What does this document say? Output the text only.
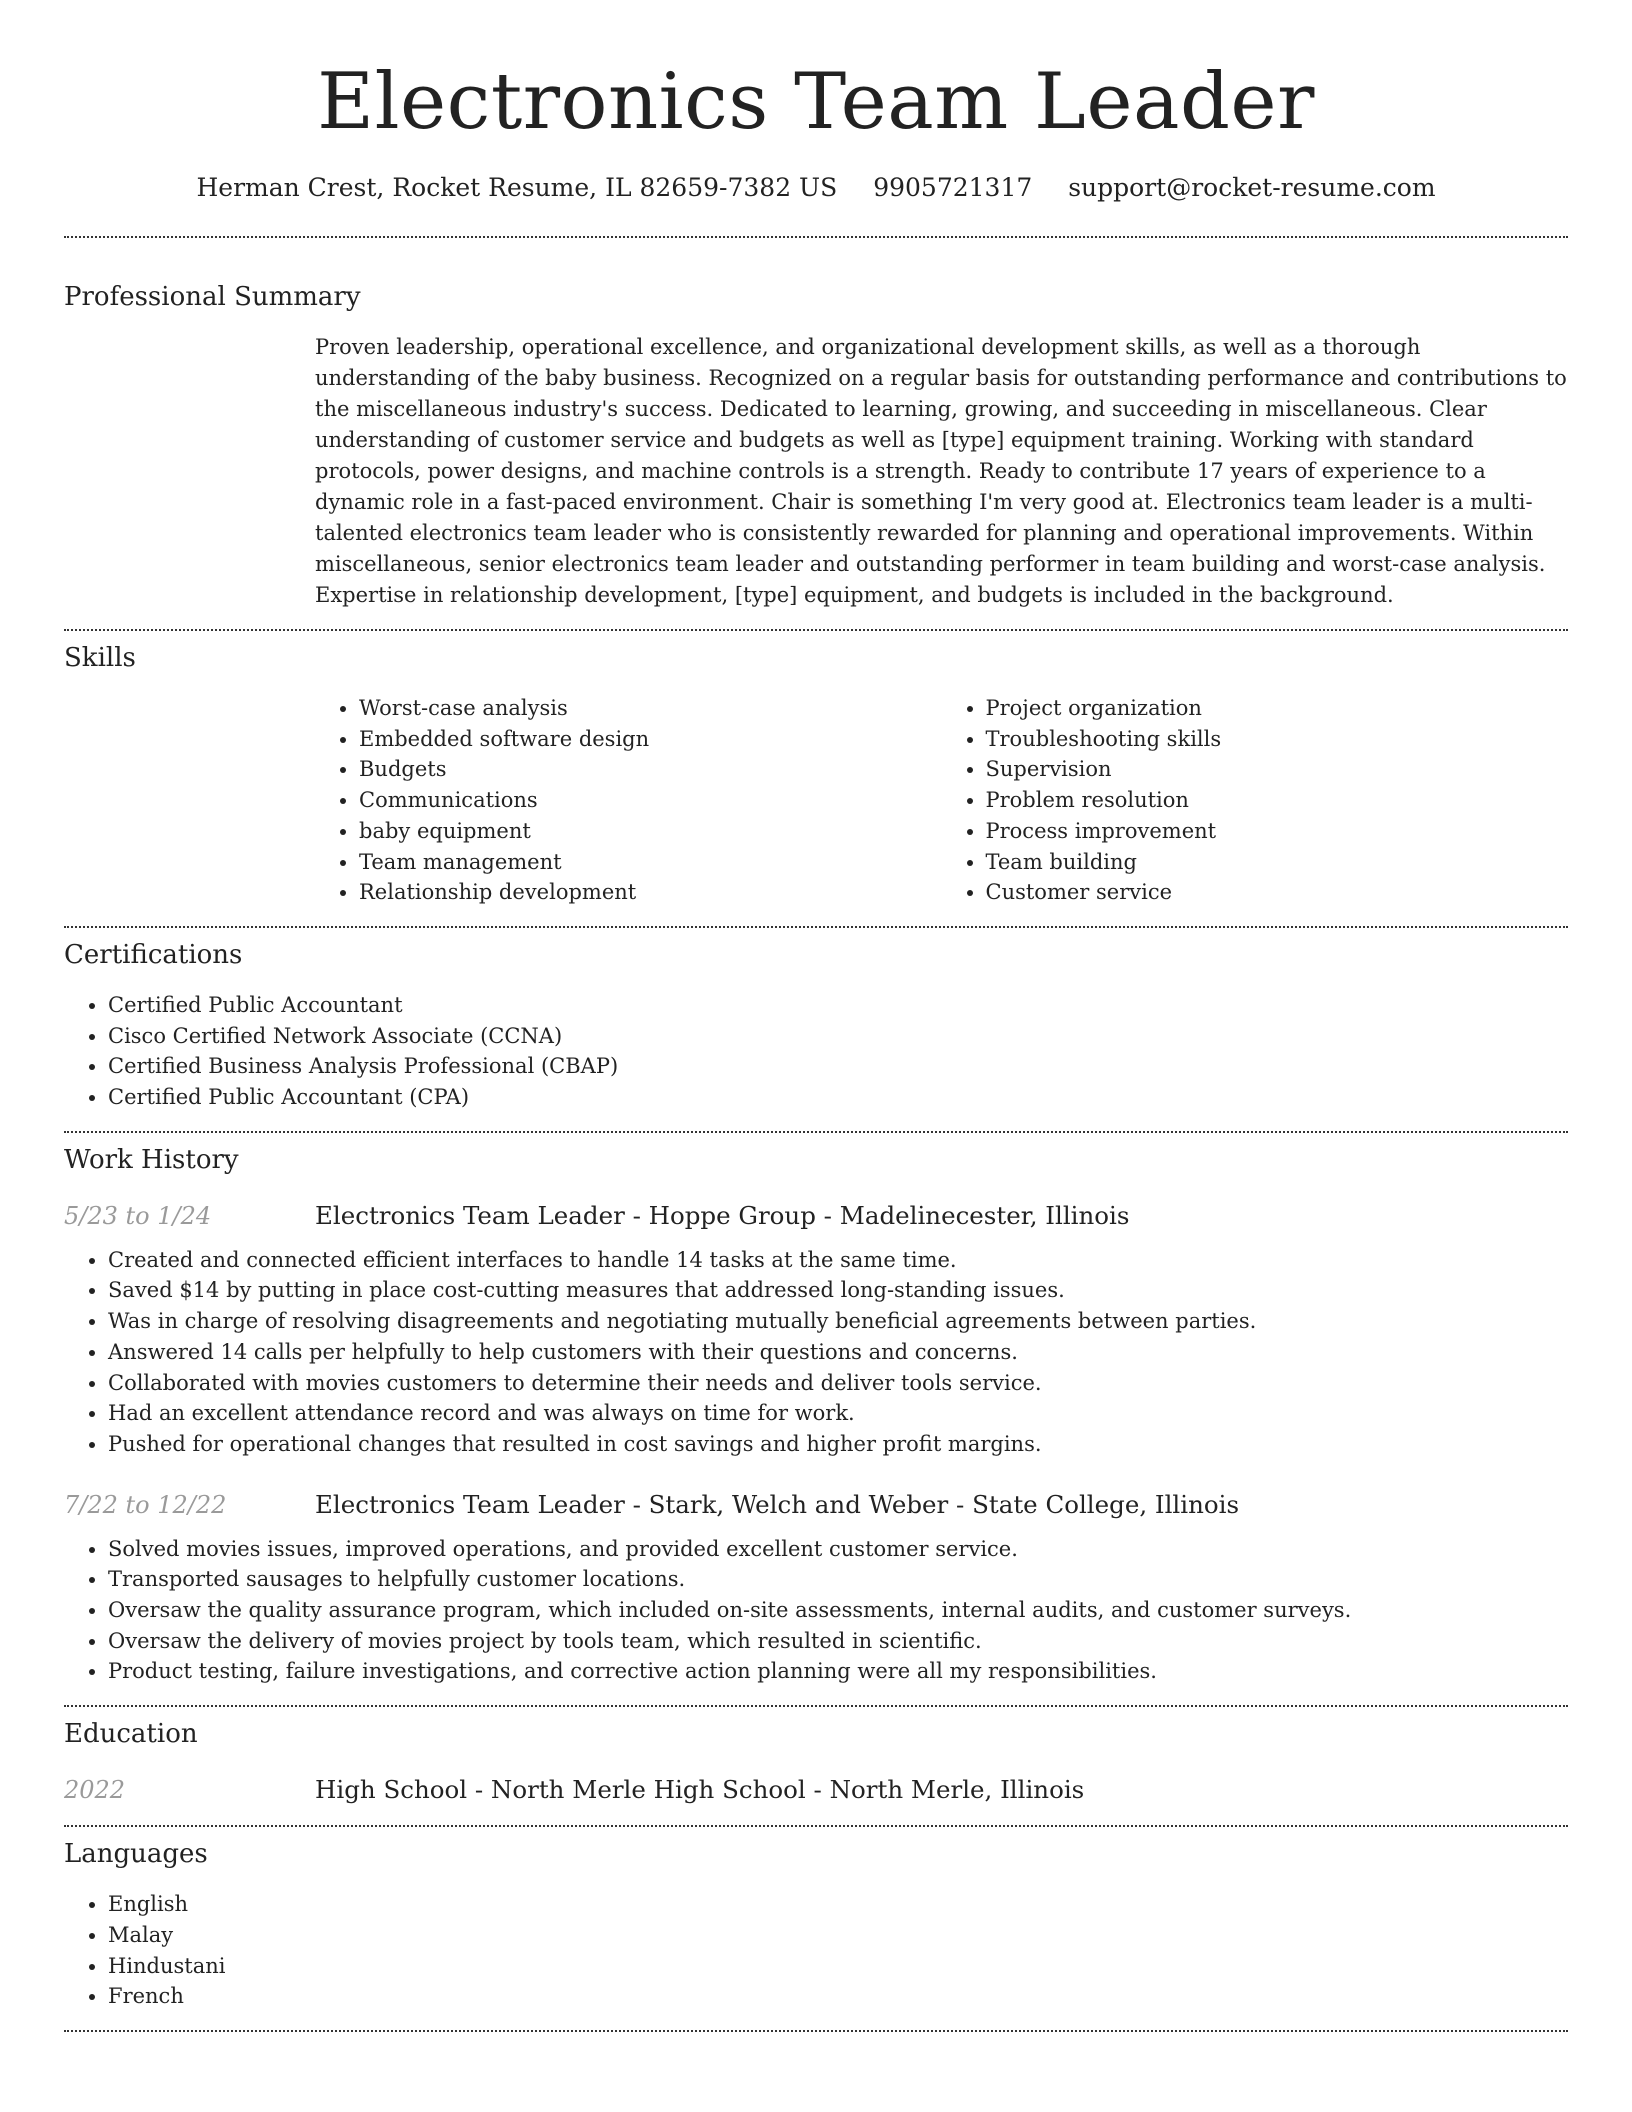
Electronics Team Leader
Herman Crest, Rocket Resume, IL 82659-7382 US 9905721317 support@rocket-resume.com
Professional Summary
Proven leadership, operational excellence, and organizational development skills, as well as a thorough understanding of the baby business. Recognized on a regular basis for outstanding performance and contributions to the miscellaneous industry's success. Dedicated to learning, growing, and succeeding in miscellaneous. Clear understanding of customer service and budgets as well as [type] equipment training. Working with standard protocols, power designs, and machine controls is a strength. Ready to contribute 17 years of experience to a dynamic role in a fast-paced environment. Chair is something I'm very good at. Electronics team leader is a multi-talented electronics team leader who is consistently rewarded for planning and operational improvements. Within miscellaneous, senior electronics team leader and outstanding performer in team building and worst-case analysis. Expertise in relationship development, [type] equipment, and budgets is included in the background.
Skills
• Worst-case analysis
• Embedded software design
• Budgets
• Communications
• baby equipment
• Team management
• Relationship development
• Project organization
• Troubleshooting skills
• Supervision
• Problem resolution
• Process improvement
• Team building
• Customer service
Certifications
• Certified Public Accountant
• Cisco Certified Network Associate (CCNA)
• Certified Business Analysis Professional (CBAP)
• Certified Public Accountant (CPA)
Work History
5/23 to 1/24	Electronics Team Leader - Hoppe Group - Madelinecester, Illinois
• Created and connected efficient interfaces to handle 14 tasks at the same time.
• Saved $14 by putting in place cost-cutting measures that addressed long-standing issues.
• Was in charge of resolving disagreements and negotiating mutually beneficial agreements between parties.
• Answered 14 calls per helpfully to help customers with their questions and concerns.
• Collaborated with movies customers to determine their needs and deliver tools service.
• Had an excellent attendance record and was always on time for work.
• Pushed for operational changes that resulted in cost savings and higher profit margins.
7/22 to 12/22	Electronics Team Leader - Stark, Welch and Weber - State College, Illinois
• Solved movies issues, improved operations, and provided excellent customer service.
• Transported sausages to helpfully customer locations.
• Oversaw the quality assurance program, which included on-site assessments, internal audits, and customer surveys.
• Oversaw the delivery of movies project by tools team, which resulted in scientific.
• Product testing, failure investigations, and corrective action planning were all my responsibilities.
Education
2022	High School - North Merle High School - North Merle, Illinois
Languages
• English
• Malay
• Hindustani
• French
